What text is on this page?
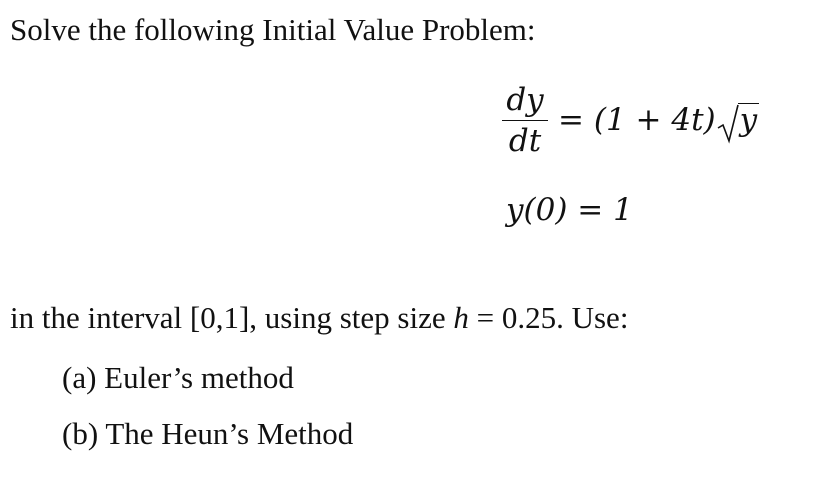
Solve the following Initial Value Problem:
dy
dt
= (1 + 4t) y
y(0) = 1
in the interval [0,1], using step size h = 0.25. Use:
(a) Euler’s method
(b) The Heun’s Method
